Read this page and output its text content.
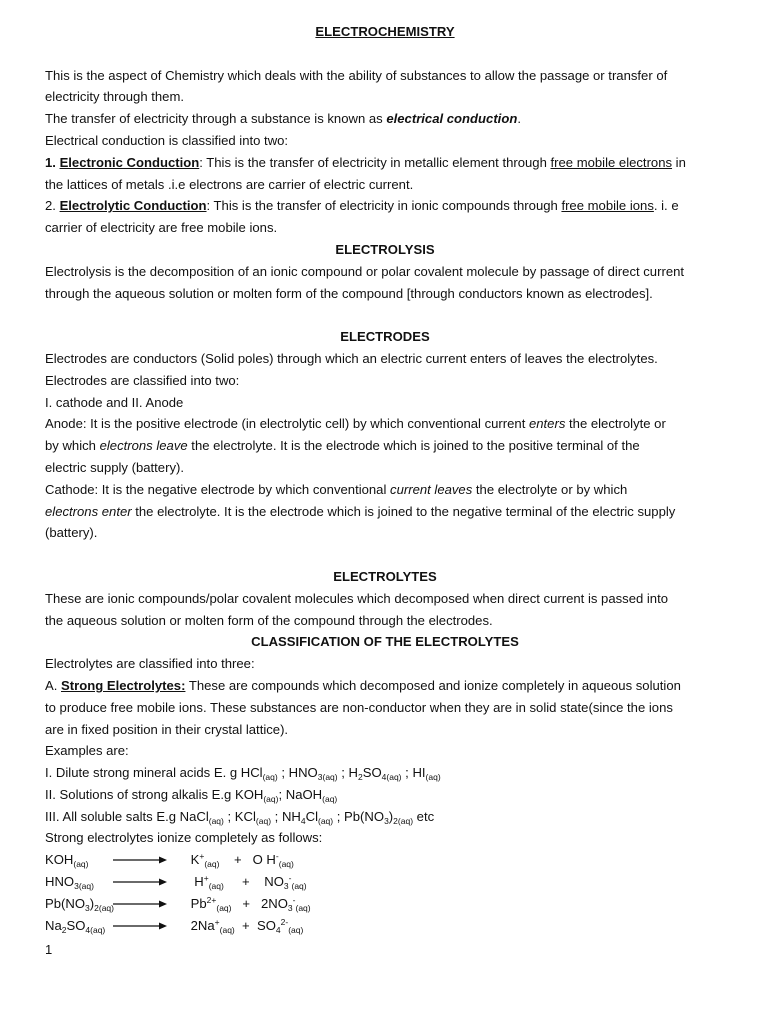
ELECTROCHEMISTRY
This is the aspect of Chemistry which deals with the ability of substances to allow the passage or transfer of
electricity through them.
The transfer of electricity through a substance is known as electrical conduction.
Electrical conduction is classified into two:
1. Electronic Conduction: This is the transfer of electricity in metallic element through free mobile electrons in
the lattices of metals .i.e electrons are carrier of electric current.
2. Electrolytic Conduction: This is the transfer of electricity in ionic compounds through free mobile ions. i. e
carrier of electricity are free mobile ions.
ELECTROLYSIS
Electrolysis is the decomposition of an ionic compound or polar covalent molecule by passage of direct current
through the aqueous solution or molten form of the compound [through conductors known as electrodes].
ELECTRODES
Electrodes are conductors (Solid poles) through which an electric current enters of leaves the electrolytes.
Electrodes are classified into two:
I. cathode and II. Anode
Anode: It is the positive electrode (in electrolytic cell) by which conventional current enters the electrolyte or
by which electrons leave the electrolyte. It is the electrode which is joined to the positive terminal of the
electric supply (battery).
Cathode: It is the negative electrode by which conventional current leaves the electrolyte or by which
electrons enter the electrolyte. It is the electrode which is joined to the negative terminal of the electric supply
(battery).
ELECTROLYTES
These are ionic compounds/polar covalent molecules which decomposed when direct current is passed into
the aqueous solution or molten form of the compound through the electrodes.
CLASSIFICATION OF THE ELECTROLYTES
Electrolytes are classified into three:
A. Strong Electrolytes: These are compounds which decomposed and ionize completely in aqueous solution
to produce free mobile ions. These substances are non-conductor when they are in solid state(since the ions
are in fixed position in their crystal lattice).
Examples are:
I. Dilute strong mineral acids E. g HCl$_{(aq)}$ ; $HNO_{3(aq)}$ ; $H_2SO_{4(aq)}$ ; $HI_{(aq)}$
II. Solutions of strong alkalis E.g $KOH_{(aq)}$; NaOH$_{(aq)}$
III. All soluble salts E.g NaCl$_{(aq)}$ ; KCl$_{(aq)}$ ; $NH_4Cl_{(aq)}$ ; $Pb(NO_3)_{2(aq)}$ etc
Strong electrolytes ionize completely as follows:
$KOH_{(aq)}$	$K^+_{(aq)} + O$ $H^-_{(aq)}$
$HNO_{3(aq)}$	$H^+_{(aq)} + NO_3^-_{(aq)}$
$Pb(NO_3)_{2(aq)}$	$Pb^{2+}_{(aq)} + 2NO_3^-_{(aq)}$
$Na_2SO_{4(aq)}$	$2Na^+_{(aq)} + SO_4^{2-}_{(aq)}$
1
